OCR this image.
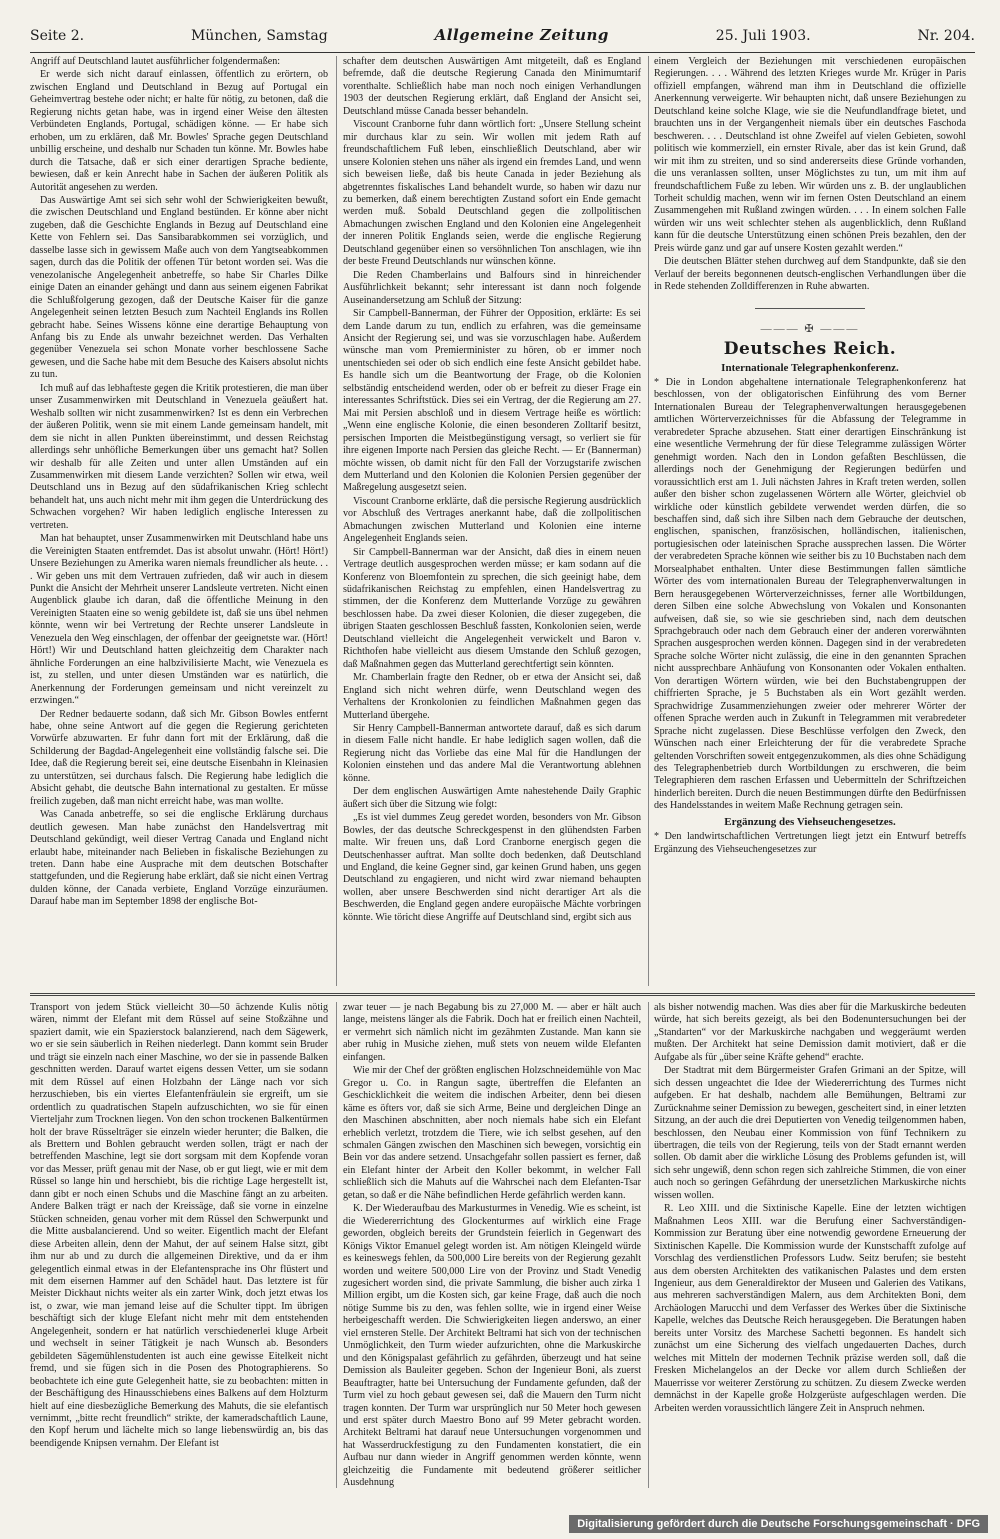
Seite 2.	München, Samstag	Allgemeine Zeitung	25. Juli 1903.	Nr. 204.

Angriff auf Deutschland lautet ausführlicher folgendermaßen:

Er werde sich nicht darauf einlassen, öffentlich zu erörtern, ob zwischen England und Deutschland in Bezug auf Portugal ein Geheimvertrag bestehe oder nicht; er halte für nötig, zu betonen, daß die Regierung nichts getan habe, was in irgend einer Weise den ältesten Verbündeten Englands, Portugal, schädigen könne. — Er habe sich erhoben, um zu erklären, daß Mr. Bowles' Sprache gegen Deutschland unbillig erscheine, und deshalb nur Schaden tun könne. Mr. Bowles habe durch die Tatsache, daß er sich einer derartigen Sprache bediente, bewiesen, daß er kein Anrecht habe in Sachen der äußeren Politik als Autorität angesehen zu werden.

Das Auswärtige Amt sei sich sehr wohl der Schwierigkeiten bewußt, die zwischen Deutschland und England bestünden. Er könne aber nicht zugeben, daß die Geschichte Englands in Bezug auf Deutschland eine Kette von Fehlern sei. Das Sansibarabkommen sei vorzüglich, und dasselbe lasse sich in gewissem Maße auch von dem Yangtseabkommen sagen, durch das die Politik der offenen Tür betont worden sei. Was die venezolanische Angelegenheit anbetreffe, so habe Sir Charles Dilke einige Daten an einander gehängt und dann aus seinem eigenen Fabrikat die Schlußfolgerung gezogen, daß der Deutsche Kaiser für die ganze Angelegenheit seinen letzten Besuch zum Nachteil Englands ins Rollen gebracht habe. Seines Wissens könne eine derartige Behauptung von Anfang bis zu Ende als unwahr bezeichnet werden. Das Verhalten gegenüber Venezuela sei schon Monate vorher beschlossene Sache gewesen, und die Sache habe mit dem Besuche des Kaisers absolut nichts zu tun.

Ich muß auf das lebhafteste gegen die Kritik protestieren, die man über unser Zusammenwirken mit Deutschland in Venezuela geäußert hat. Weshalb sollten wir nicht zusammenwirken? Ist es denn ein Verbrechen der äußeren Politik, wenn sie mit einem Lande gemeinsam handelt, mit dem sie nicht in allen Punkten übereinstimmt, und dessen Reichstag allerdings sehr unhöfliche Bemerkungen über uns gemacht hat? Sollen wir deshalb für alle Zeiten und unter allen Umständen auf ein Zusammenwirken mit diesem Lande verzichten? Sollen wir etwa, weil Deutschland uns in Bezug auf den südafrikanischen Krieg schlecht behandelt hat, uns auch nicht mehr mit ihm gegen die Unterdrückung des Schwachen vorgehen? Wir haben lediglich englische Interessen zu vertreten.

Man hat behauptet, unser Zusammenwirken mit Deutschland habe uns die Vereinigten Staaten entfremdet. Das ist absolut unwahr. (Hört! Hört!) Unsere Beziehungen zu Amerika waren niemals freundlicher als heute. . . . Wir geben uns mit dem Vertrauen zufrieden, daß wir auch in diesem Punkt die Ansicht der Mehrheit unserer Landsleute vertreten. Nicht einen Augenblick glaube ich daran, daß die öffentliche Meinung in den Vereinigten Staaten eine so wenig gebildete ist, daß sie uns übel nehmen könnte, wenn wir bei Vertretung der Rechte unserer Landsleute in Venezuela den Weg einschlagen, der offenbar der geeignetste war. (Hört! Hört!) Wir und Deutschland hatten gleichzeitig dem Charakter nach ähnliche Forderungen an eine halbzivilisierte Macht, wie Venezuela es ist, zu stellen, und unter diesen Umständen war es natürlich, die Anerkennung der Forderungen gemeinsam und nicht vereinzelt zu erzwingen.“

Der Redner bedauerte sodann, daß sich Mr. Gibson Bowles entfernt habe, ohne seine Antwort auf die gegen die Regierung gerichteten Vorwürfe abzuwarten. Er fuhr dann fort mit der Erklärung, daß die Schilderung der Bagdad-Angelegenheit eine vollständig falsche sei. Die Idee, daß die Regierung bereit sei, eine deutsche Eisenbahn in Kleinasien zu unterstützen, sei durchaus falsch. Die Regierung habe lediglich die Absicht gehabt, die deutsche Bahn international zu gestalten. Er müsse freilich zugeben, daß man nicht erreicht habe, was man wollte.

Was Canada anbetreffe, so sei die englische Erklärung durchaus deutlich gewesen. Man habe zunächst den Handelsvertrag mit Deutschland gekündigt, weil dieser Vertrag Canada und England nicht erlaubt habe, miteinander nach Belieben in fiskalische Beziehungen zu treten. Dann habe eine Ausprache mit dem deutschen Botschafter stattgefunden, und die Regierung habe erklärt, daß sie nicht einen Vertrag dulden könne, der Canada verbiete, England Vorzüge einzuräumen. Darauf habe man im September 1898 der englische Bot-

schafter dem deutschen Auswärtigen Amt mitgeteilt, daß es England befremde, daß die deutsche Regierung Canada den Minimumtarif vorenthalte. Schließlich habe man noch noch einigen Verhandlungen 1903 der deutschen Regierung erklärt, daß England der Ansicht sei, Deutschland müsse Canada besser behandeln.

Viscount Cranborne fuhr dann wörtlich fort: „Unsere Stellung scheint mir durchaus klar zu sein. Wir wollen mit jedem Rath auf freundschaftlichem Fuß leben, einschließlich Deutschland, aber wir unsere Kolonien stehen uns näher als irgend ein fremdes Land, und wenn sich beweisen ließe, daß bis heute Canada in jeder Beziehung als abgetrenntes fiskalisches Land behandelt wurde, so haben wir dazu nur zu bemerken, daß einem berechtigten Zustand sofort ein Ende gemacht werden muß. Sobald Deutschland gegen die zollpolitischen Abmachungen zwischen England und den Kolonien eine Angelegenheit der inneren Politik Englands seien, werde die englische Regierung Deutschland gegenüber einen so versöhnlichen Ton anschlagen, wie ihn der beste Freund Deutschlands nur wünschen könne.

Die Reden Chamberlains und Balfours sind in hinreichender Ausführlichkeit bekannt; sehr interessant ist dann noch folgende Auseinandersetzung am Schluß der Sitzung:

Sir Campbell-Bannerman, der Führer der Opposition, erklärte: Es sei dem Lande darum zu tun, endlich zu erfahren, was die gemeinsame Ansicht der Regierung sei, und was sie vorzuschlagen habe. Außerdem wünsche man vom Premierminister zu hören, ob er immer noch unentschieden sei oder ob sich endlich eine feste Ansicht gebildet habe. Es handle sich um die Beantwortung der Frage, ob die Kolonien selbständig entscheidend werden, oder ob er befreit zu dieser Frage ein interessantes Schriftstück. Dies sei ein Vertrag, der die Regierung am 27. Mai mit Persien abschloß und in diesem Vertrage heiße es wörtlich: „Wenn eine englische Kolonie, die einen besonderen Zolltarif besitzt, persischen Importen die Meistbegünstigung versagt, so verliert sie für ihre eigenen Importe nach Persien das gleiche Recht. — Er (Bannerman) möchte wissen, ob damit nicht für den Fall der Vorzugstarife zwischen dem Mutterland und den Kolonien die Kolonien Persien gegenüber der Maßregelung ausgesetzt seien.

Viscount Cranborne erklärte, daß die persische Regierung ausdrücklich vor Abschluß des Vertrages anerkannt habe, daß die zollpolitischen Abmachungen zwischen Mutterland und Kolonien eine interne Angelegenheit Englands seien.

Sir Campbell-Bannerman war der Ansicht, daß dies in einem neuen Vertrage deutlich ausgesprochen werden müsse; er kam sodann auf die Konferenz von Bloemfontein zu sprechen, die sich geeinigt habe, dem südafrikanischen Reichstag zu empfehlen, einen Handelsvertrag zu stimmen, der die Konferenz dem Mutterlande Vorzüge zu gewähren beschlossen habe. Da zwei dieser Kolonien, die dieser zugegeben, die übrigen Staaten geschlossen Beschluß fassten, Konkolonien seien, werde Deutschland vielleicht die Angelegenheit verwickelt und Baron v. Richthofen habe vielleicht aus diesem Umstande den Schluß gezogen, daß Maßnahmen gegen das Mutterland gerechtfertigt sein könnten.

Mr. Chamberlain fragte den Redner, ob er etwa der Ansicht sei, daß England sich nicht wehren dürfe, wenn Deutschland wegen des Verhaltens der Kronkolonien zu feindlichen Maßnahmen gegen das Mutterland übergehe.

Sir Henry Campbell-Bannerman antwortete darauf, daß es sich darum in diesem Falle nicht handle. Er habe lediglich sagen wollen, daß die Regierung nicht das Vorliebe das eine Mal für die Handlungen der Kolonien einstehen und das andere Mal die Verantwortung ablehnen könne.

Der dem englischen Auswärtigen Amte nahestehende Daily Graphic äußert sich über die Sitzung wie folgt:

„Es ist viel dummes Zeug geredet worden, besonders von Mr. Gibson Bowles, der das deutsche Schreckgespenst in den glühendsten Farben malte. Wir freuen uns, daß Lord Cranborne energisch gegen die Deutschenhasser auftrat. Man sollte doch bedenken, daß Deutschland und England, die keine Gegner sind, gar keinen Grund haben, uns gegen Deutschland zu engagieren, und nicht wird zwar niemand behaupten wollen, aber unsere Beschwerden sind nicht derartiger Art als die Beschwerden, die England gegen andere europäische Mächte vorbringen könnte. Wie töricht diese Angriffe auf Deutschland sind, ergibt sich aus

einem Vergleich der Beziehungen mit verschiedenen europäischen Regierungen. . . . Während des letzten Krieges wurde Mr. Krüger in Paris offiziell empfangen, während man ihm in Deutschland die offizielle Anerkennung verweigerte. Wir behaupten nicht, daß unsere Beziehungen zu Deutschland keine solche Klage, wie sie die Neufundlandfrage bietet, und brauchten uns in der Vergangenheit niemals über ein deutsches Faschoda beschweren. . . . Deutschland ist ohne Zweifel auf vielen Gebieten, sowohl politisch wie kommerziell, ein ernster Rivale, aber das ist kein Grund, daß wir mit ihm zu streiten, und so sind andererseits diese Gründe vorhanden, die uns veranlassen sollten, unser Möglichstes zu tun, um mit ihm auf freundschaftlichem Fuße zu leben. Wir würden uns z. B. der unglaublichen Torheit schuldig machen, wenn wir im fernen Osten Deutschland an einem Zusammengehen mit Rußland zwingen würden. . . . In einem solchen Falle würden wir uns weit schlechter stehen als augenblicklich, denn Rußland kann für die deutsche Unterstützung einen schönen Preis bezahlen, den der Preis würde ganz und gar auf unsere Kosten gezahlt werden.“

Die deutschen Blätter stehen durchweg auf dem Standpunkte, daß sie den Verlauf der bereits begonnenen deutsch-englischen Verhandlungen über die in Rede stehenden Zolldifferenzen in Ruhe abwarten.

——— ✠ ———
Deutsches Reich.
Internationale Telegraphenkonferenz.

* Die in London abgehaltene internationale Telegraphenkonferenz hat beschlossen, von der obligatorischen Einführung des vom Berner Internationalen Bureau der Telegraphenverwaltungen herausgegebenen amtlichen Wörterverzeichnisses für die Abfassung der Telegramme in verabredeter Sprache abzusehen. Statt einer derartigen Einschränkung ist eine wesentliche Vermehrung der für diese Telegramme zulässigen Wörter genehmigt worden. Nach den in London gefaßten Beschlüssen, die allerdings noch der Genehmigung der Regierungen bedürfen und voraussichtlich erst am 1. Juli nächsten Jahres in Kraft treten werden, sollen außer den bisher schon zugelassenen Wörtern alle Wörter, gleichviel ob wirkliche oder künstlich gebildete verwendet werden dürfen, die so beschaffen sind, daß sich ihre Silben nach dem Gebrauche der deutschen, englischen, spanischen, französischen, holländischen, italienischen, portugiesischen oder lateinischen Sprache aussprechen lassen. Die Wörter der verabredeten Sprache können wie seither bis zu 10 Buchstaben nach dem Morsealphabet enthalten. Unter diese Bestimmungen fallen sämtliche Wörter des vom internationalen Bureau der Telegraphenverwaltungen in Bern herausgegebenen Wörterverzeichnisses, ferner alle Wortbildungen, deren Silben eine solche Abwechslung von Vokalen und Konsonanten aufweisen, daß sie, so wie sie geschrieben sind, nach dem deutschen Sprachgebrauch oder nach dem Gebrauch einer der anderen vorerwähnten Sprachen ausgesprochen werden können. Dagegen sind in der verabredeten Sprache solche Wörter nicht zulässig, die eine in den genannten Sprachen nicht aussprechbare Anhäufung von Konsonanten oder Vokalen enthalten. Von derartigen Wörtern würden, wie bei den Buchstabengruppen der chiffrierten Sprache, je 5 Buchstaben als ein Wort gezählt werden. Sprachwidrige Zusammenziehungen zweier oder mehrerer Wörter der offenen Sprache werden auch in Zukunft in Telegrammen mit verabredeter Sprache nicht zugelassen. Diese Beschlüsse verfolgen den Zweck, den Wünschen nach einer Erleichterung der für die verabredete Sprache geltenden Vorschriften soweit entgegenzukommen, als dies ohne Schädigung des Telegraphenbetrieb durch Wortbildungen zu erschweren, die beim Telegraphieren dem raschen Erfassen und Uebermitteln der Schriftzeichen hinderlich bereiten. Durch die neuen Bestimmungen dürfte den Bedürfnissen des Handelsstandes in weitem Maße Rechnung getragen sein.

Ergänzung des Viehseuchengesetzes.

* Den landwirtschaftlichen Vertretungen liegt jetzt ein Entwurf betreffs Ergänzung des Viehseuchengesetzes zur

Transport von jedem Stück vielleicht 30—50 ächzende Kulis nötig wären, nimmt der Elefant mit dem Rüssel auf seine Stoßzähne und spaziert damit, wie ein Spazierstock balanzierend, nach dem Sägewerk, wo er sie sein säuberlich in Reihen niederlegt. Dann kommt sein Bruder und trägt sie einzeln nach einer Maschine, wo der sie in passende Balken geschnitten werden. Darauf wartet eigens dessen Vetter, um sie sodann mit dem Rüssel auf einen Holzbahn der Länge nach vor sich herzuschieben, bis ein viertes Elefantenfräulein sie ergreift, um sie ordentlich zu quadratischen Stapeln aufzuschichten, wo sie für einen Vierteljahr zum Trocknen liegen. Von den schon trockenen Balkentürmen holt der brave Rüsselträger sie einzeln wieder herunter; die Balken, die als Brettern und Bohlen gebraucht werden sollen, trägt er nach der betreffenden Maschine, legt sie dort sorgsam mit dem Kopfende voran vor das Messer, prüft genau mit der Nase, ob er gut liegt, wie er mit dem Rüssel so lange hin und herschiebt, bis die richtige Lage hergestellt ist, dann gibt er noch einen Schubs und die Maschine fängt an zu arbeiten. Andere Balken trägt er nach der Kreissäge, daß sie vorne in einzelne Stücken schneiden, genau vorher mit dem Rüssel den Schwerpunkt und die Mitte ausbalancierend. Und so weiter. Eigentlich macht der Elefant diese Arbeiten allein, denn der Mahut, der auf seinem Halse sitzt, gibt ihm nur ab und zu durch die allgemeinen Direktive, und da er ihm gelegentlich einmal etwas in der Elefantensprache ins Ohr flüstert und mit dem eisernen Hammer auf den Schädel haut. Das letztere ist für Meister Dickhaut nichts weiter als ein zarter Wink, doch jetzt etwas los ist, o zwar, wie man jemand leise auf die Schulter tippt. Im übrigen beschäftigt sich der kluge Elefant nicht mehr mit dem entstehenden Angelegenheit, sondern er hat natürlich verschiedenerlei kluge Arbeit und wechselt in seiner Tätigkeit je nach Wunsch ab. Besonders gebildeten Sägemühlenstudenten ist auch eine gewisse Eitelkeit nicht fremd, und sie fügen sich in die Posen des Photographierens. So beobachtete ich eine gute Gelegenheit hatte, sie zu beobachten: mitten in der Beschäftigung des Hinausschiebens eines Balkens auf dem Holzturm hielt auf eine diesbezügliche Bemerkung des Mahuts, die sie elefantisch vernimmt, „bitte recht freundlich“ strikte, der kameradschaftlich Laune, den Kopf herum und lächelte mich so lange liebenswürdig an, bis das beendigende Knipsen vernahm. Der Elefant ist

zwar teuer — je nach Begabung bis zu 27,000 M. — aber er hält auch lange, meistens länger als die Fabrik. Doch hat er freilich einen Nachteil, er vermehrt sich nämlich nicht im gezähmten Zustande. Man kann sie aber ruhig in Musiche ziehen, muß stets von neuem wilde Elefanten einfangen.

Wie mir der Chef der größten englischen Holzschneidemühle von Mac Gregor u. Co. in Rangun sagte, übertreffen die Elefanten an Geschicklichkeit die weitem die indischen Arbeiter, denn bei diesen käme es öfters vor, daß sie sich Arme, Beine und dergleichen Dinge an den Maschinen abschnitten, aber noch niemals habe sich ein Elefant erheblich verletzt, trotzdem die Tiere, wie ich selbst gesehen, auf den schmalen Gängen zwischen den Maschinen sich bewegen, vorsichtig ein Bein vor das andere setzend. Unsachgefahr sollen passiert es ferner, daß ein Elefant hinter der Arbeit den Koller bekommt, in welcher Fall schließlich sich die Mahuts auf die Wahrschei nach dem Elefanten-Tsar getan, so daß er die Nähe befindlichen Herde gefährlich werden kann.

K. Der Wiederaufbau des Markusturmes in Venedig. Wie es scheint, ist die Wiedererrichtung des Glockenturmes auf wirklich eine Frage geworden, obgleich bereits der Grundstein feierlich in Gegenwart des Königs Viktor Emanuel gelegt worden ist. Am nötigen Kleingeld würde es keineswegs fehlen, da 500,000 Lire bereits von der Regierung gezahlt worden und weitere 500,000 Lire von der Provinz und Stadt Venedig zugesichert worden sind, die private Sammlung, die bisher auch zirka 1 Million ergibt, um die Kosten sich, gar keine Frage, daß auch die noch nötige Summe bis zu den, was fehlen sollte, wie in irgend einer Weise herbeigeschafft werden. Die Schwierigkeiten liegen anderswo, an einer viel ernsteren Stelle. Der Architekt Beltrami hat sich von der technischen Unmöglichkeit, den Turm wieder aufzurichten, ohne die Markuskirche und den Königspalast gefährlich zu gefährden, überzeugt und hat seine Demission als Bauleiter gegeben. Schon der Ingenieur Boni, als zuerst Beauftragter, hatte bei Untersuchung der Fundamente gefunden, daß der Turm viel zu hoch gebaut gewesen sei, daß die Mauern den Turm nicht tragen konnten. Der Turm war ursprünglich nur 50 Meter hoch gewesen und erst später durch Maestro Bono auf 99 Meter gebracht worden. Architekt Beltrami hat darauf neue Untersuchungen vorgenommen und hat Wasserdruckfestigung zu den Fundamenten konstatiert, die ein Aufbau nur dann wieder in Angriff genommen werden könnte, wenn gleichzeitig die Fundamente mit bedeutend größerer seitlicher Ausdehnung

als bisher notwendig machen. Was dies aber für die Markuskirche bedeuten würde, hat sich bereits gezeigt, als bei den Bodenuntersuchungen bei der „Standarten“ vor der Markuskirche nachgaben und weggeräumt werden mußten. Der Architekt hat seine Demission damit motiviert, daß er die Aufgabe als für „über seine Kräfte gehend“ erachte.

Der Stadtrat mit dem Bürgermeister Grafen Grimani an der Spitze, will sich dessen ungeachtet die Idee der Wiedererrichtung des Turmes nicht aufgeben. Er hat deshalb, nachdem alle Bemühungen, Beltrami zur Zurücknahme seiner Demission zu bewegen, gescheitert sind, in einer letzten Sitzung, an der auch die drei Deputierten von Venedig teilgenommen haben, beschlossen, den Neubau einer Kommission von fünf Technikern zu übertragen, die teils von der Regierung, teils von der Stadt ernannt werden sollen. Ob damit aber die wirkliche Lösung des Problems gefunden ist, will sich sehr ungewiß, denn schon regen sich zahlreiche Stimmen, die von einer auch noch so geringen Gefährdung der unersetzlichen Markuskirche nichts wissen wollen.

R. Leo XIII. und die Sixtinische Kapelle. Eine der letzten wichtigen Maßnahmen Leos XIII. war die Berufung einer Sachverständigen-Kommission zur Beratung über eine notwendig gewordene Erneuerung der Sixtinischen Kapelle. Die Kommission wurde der Kunstschafft zufolge auf Vorschlag des verdienstlichen Professors Ludw. Seitz berufen; sie besteht aus dem obersten Architekten des vatikanischen Palastes und dem ersten Ingenieur, aus dem Generaldirektor der Museen und Galerien des Vatikans, aus mehreren sachverständigen Malern, aus dem Architekten Boni, dem Archäologen Marucchi und dem Verfasser des Werkes über die Sixtinische Kapelle, welches das Deutsche Reich herausgegeben. Die Beratungen haben bereits unter Vorsitz des Marchese Sachetti begonnen. Es handelt sich zunächst um eine Sicherung des vielfach ungedauerten Daches, durch welches mit Mitteln der modernen Technik präzise werden soll, daß die Fresken Michelangelos an der Decke vor allem durch Schließen der Mauerrisse vor weiterer Zerstörung zu schützen. Zu diesem Zwecke werden demnächst in der Kapelle große Holzgerüste aufgeschlagen werden. Die Arbeiten werden voraussichtlich längere Zeit in Anspruch nehmen.

Digitalisierung gefördert durch die Deutsche Forschungsgemeinschaft · DFG
